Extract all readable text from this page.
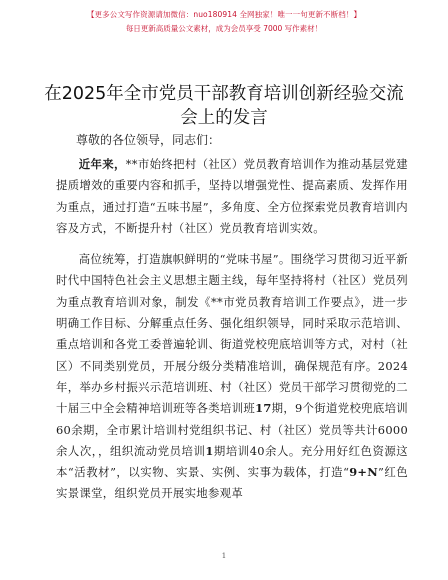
【更多公文写作资源请加微信：nuo180914 全网独家！唯一一句更新不断档！】
每日更新高质量公文素材，成为会员享受 7000 写作素材！
在2025年全市党员干部教育培训创新经验交流会上的发言
尊敬的各位领导，同志们：

近年来，**市始终把村（社区）党员教育培训作为推动基层党建提质增效的重要内容和抓手，坚持以增强党性、提高素质、发挥作用为重点，通过打造“五味书屋”，多角度、全方位探索党员教育培训内容及方式，不断提升村（社区）党员教育培训实效。

高位统筹，打造旗帜鲜明的“党味书屋”。围绕学习贯彻习近平新时代中国特色社会主义思想主题主线，每年坚持将村（社区）党员列为重点教育培训对象，制发《**市党员教育培训工作要点》，进一步明确工作目标、分解重点任务、强化组织领导，同时采取示范培训、重点培训和各党工委普遍轮训、街道党校兜底培训等方式，对村（社区）不同类别党员，开展分级分类精准培训，确保规范有序。2024年，举办乡村振兴示范培训班、村（社区）党员干部学习贯彻党的二十届三中全会精神培训班等各类培训班17期，9个街道党校兜底培训60余期，全市累计培训村党组织书记、村（社区）党员等共计6000余人次，，组织流动党员培训1期培训40余人。充分用好红色资源这本“活教材”，以实物、实景、实例、实事为载体，打造“9+N”红色实景课堂，组织党员开展实地参观革

1
